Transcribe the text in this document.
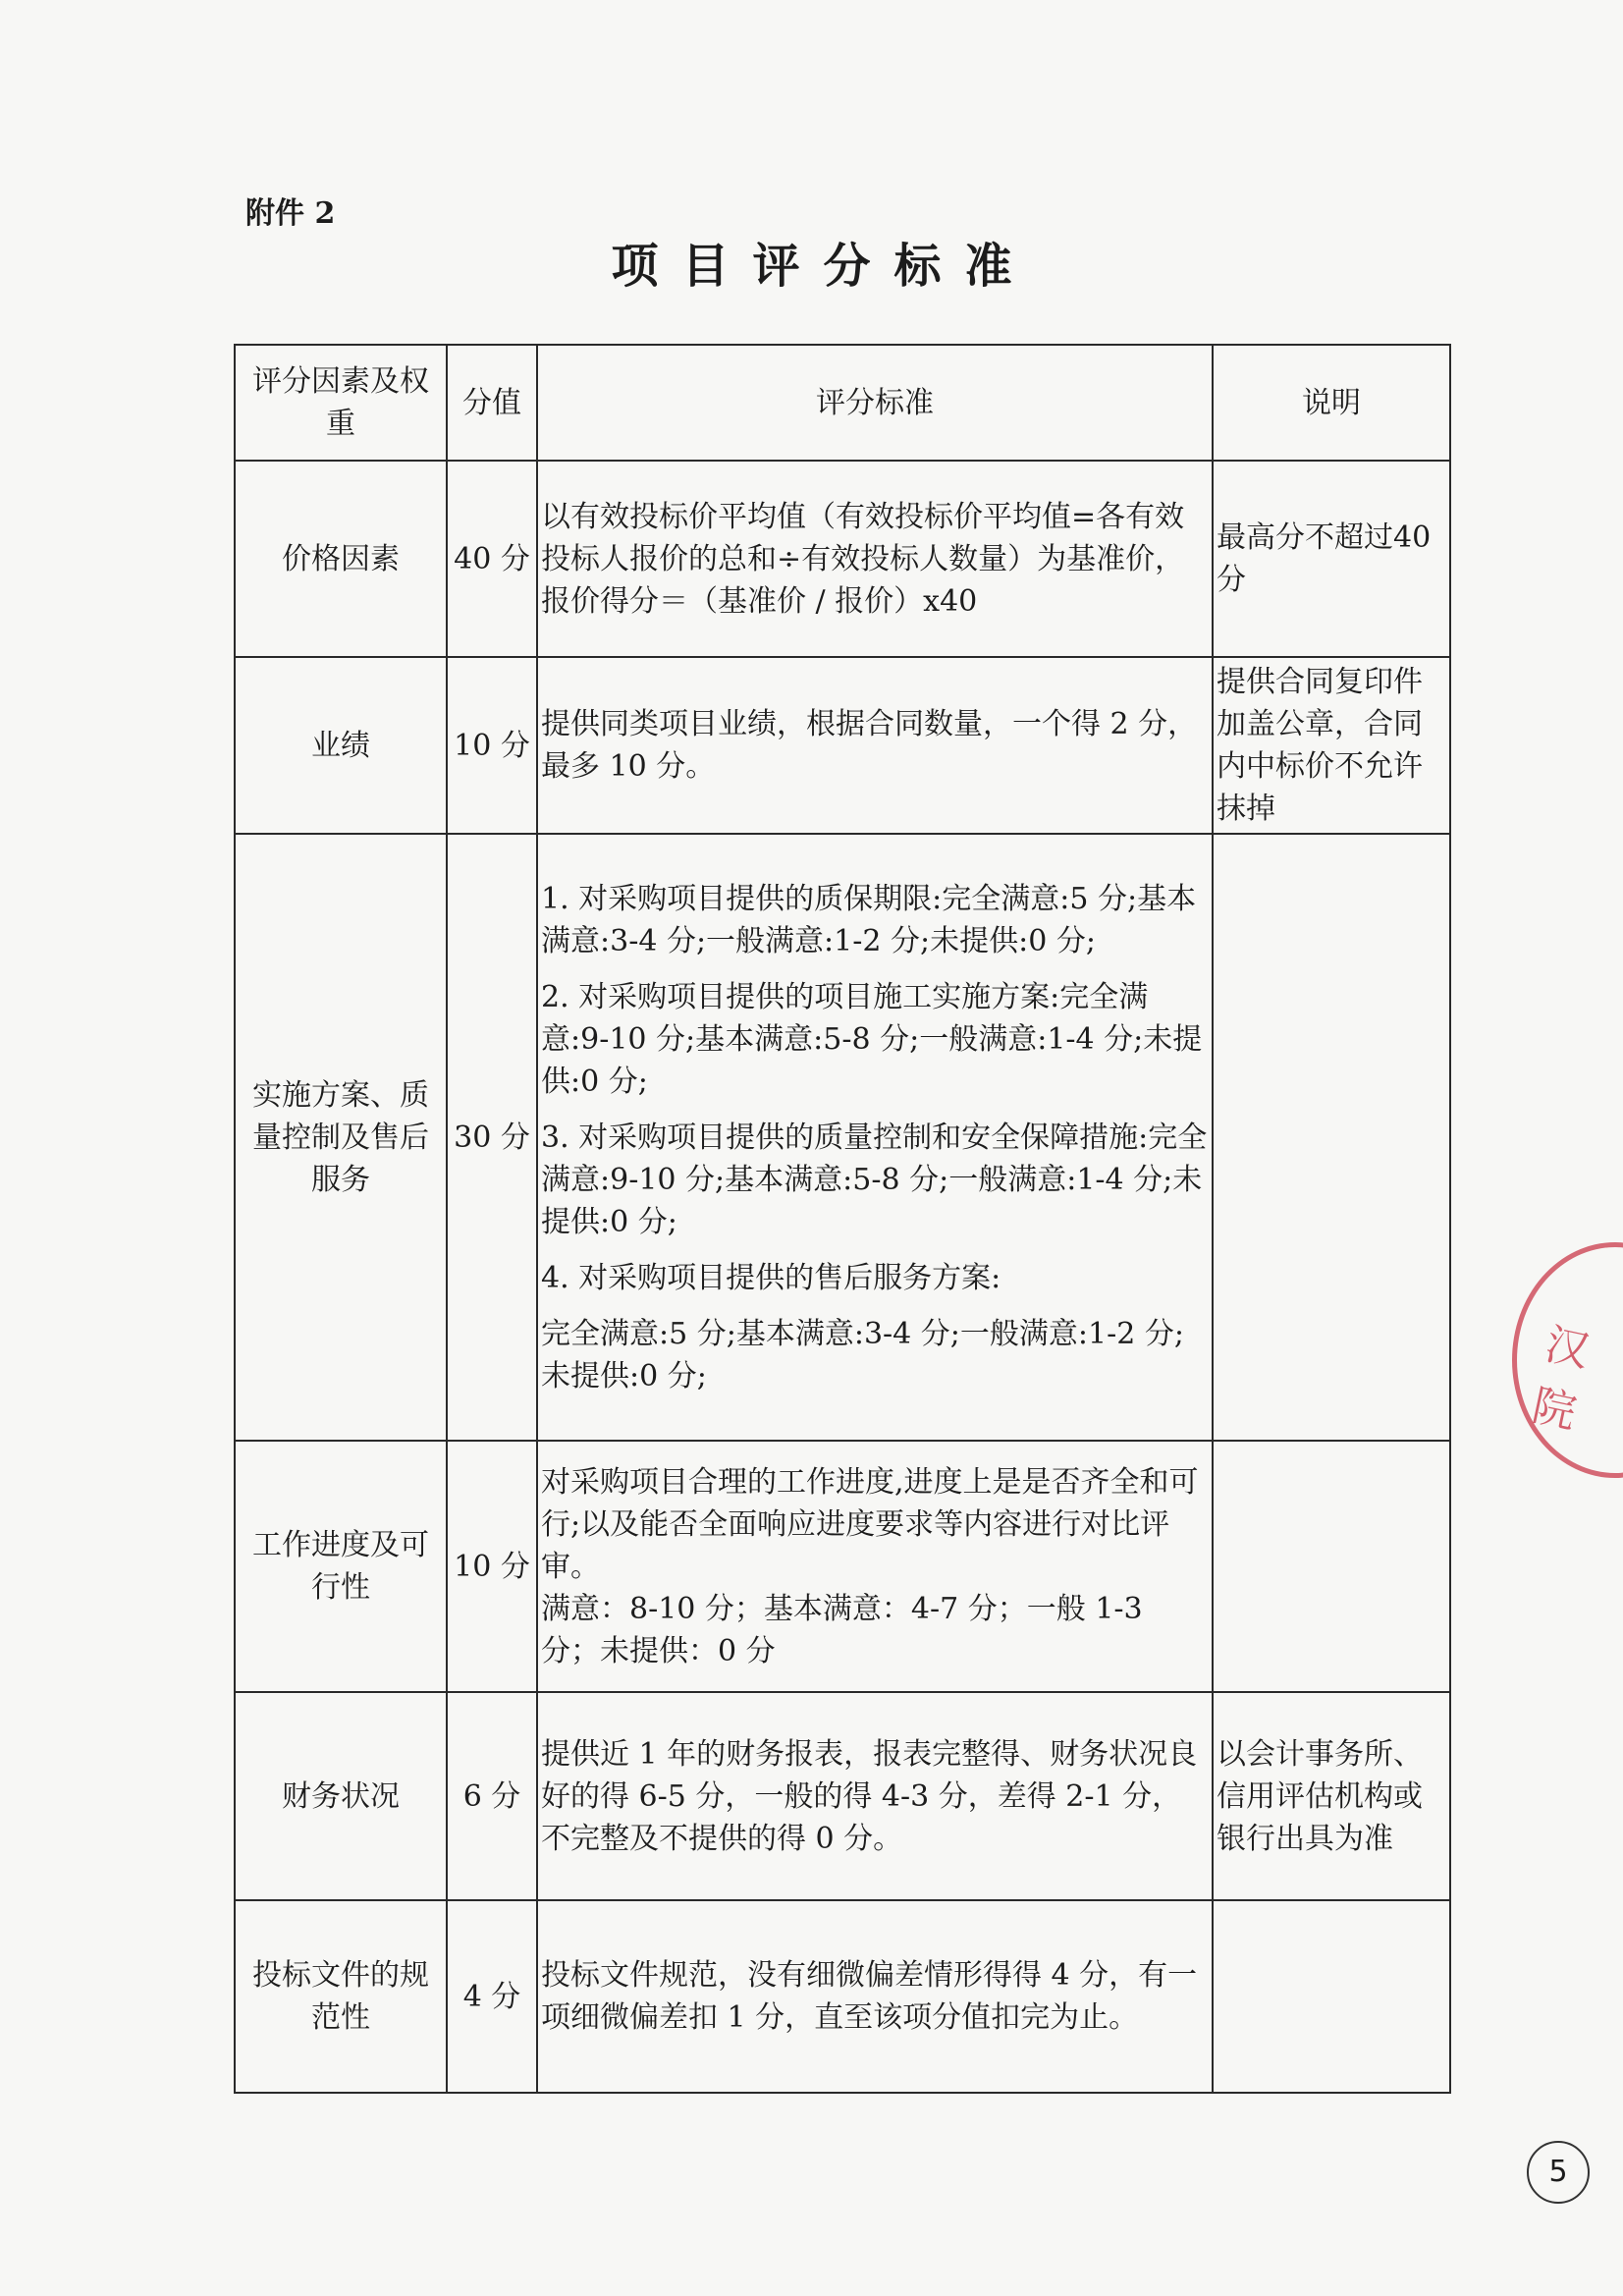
附件 2
项目评分标准
评分因素及权重	分值	评分标准	说明
价格因素	40 分	以有效投标价平均值（有效投标价平均值=各有效投标人报价的总和÷有效投标人数量）为基准价，报价得分＝（基准价 / 报价）x40	最高分不超过40 分
业绩	10 分	提供同类项目业绩，根据合同数量，一个得 2 分，最多 10 分。	提供合同复印件加盖公章，合同内中标价不允许抹掉
实施方案、质量控制及售后服务	30 分	1. 对采购项目提供的质保期限:完全满意:5 分;基本满意:3-4 分;一般满意:1-2 分;未提供:0 分;
2. 对采购项目提供的项目施工实施方案:完全满意:9-10 分;基本满意:5-8 分;一般满意:1-4 分;未提供:0 分;
3. 对采购项目提供的质量控制和安全保障措施:完全满意:9-10 分;基本满意:5-8 分;一般满意:1-4 分;未提供:0 分;
4. 对采购项目提供的售后服务方案:
完全满意:5 分;基本满意:3-4 分;一般满意:1-2 分;未提供:0 分;	

工作进度及可行性	10 分	对采购项目合理的工作进度,进度上是是否齐全和可行;以及能否全面响应进度要求等内容进行对比评审。
满意：8-10 分；基本满意：4-7 分；一般 1-3 分；未提供：0 分	

财务状况	6 分	提供近 1 年的财务报表，报表完整得、财务状况良好的得 6-5 分，一般的得 4-3 分，差得 2-1 分，不完整及不提供的得 0 分。	以会计事务所、信用评估机构或银行出具为准
投标文件的规范性	4 分	投标文件规范，没有细微偏差情形得得 4 分，有一项细微偏差扣 1 分，直至该项分值扣完为止。	

汉 院
5
